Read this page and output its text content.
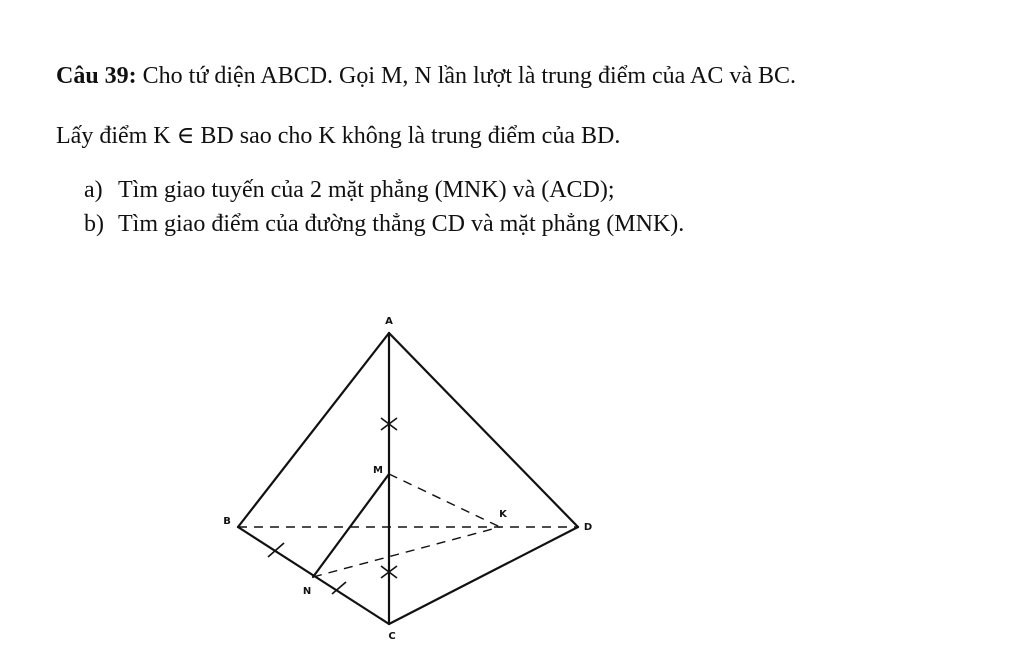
Câu 39: Cho tứ diện ABCD. Gọi M, N lần lượt là trung điểm của AC và BC.
Lấy điểm K ∈ BD sao cho K không là trung điểm của BD.
a) Tìm giao tuyến của 2 mặt phẳng (MNK) và (ACD);
b) Tìm giao điểm của đường thẳng CD và mặt phẳng (MNK).
A
B
C
D
M
N
K
